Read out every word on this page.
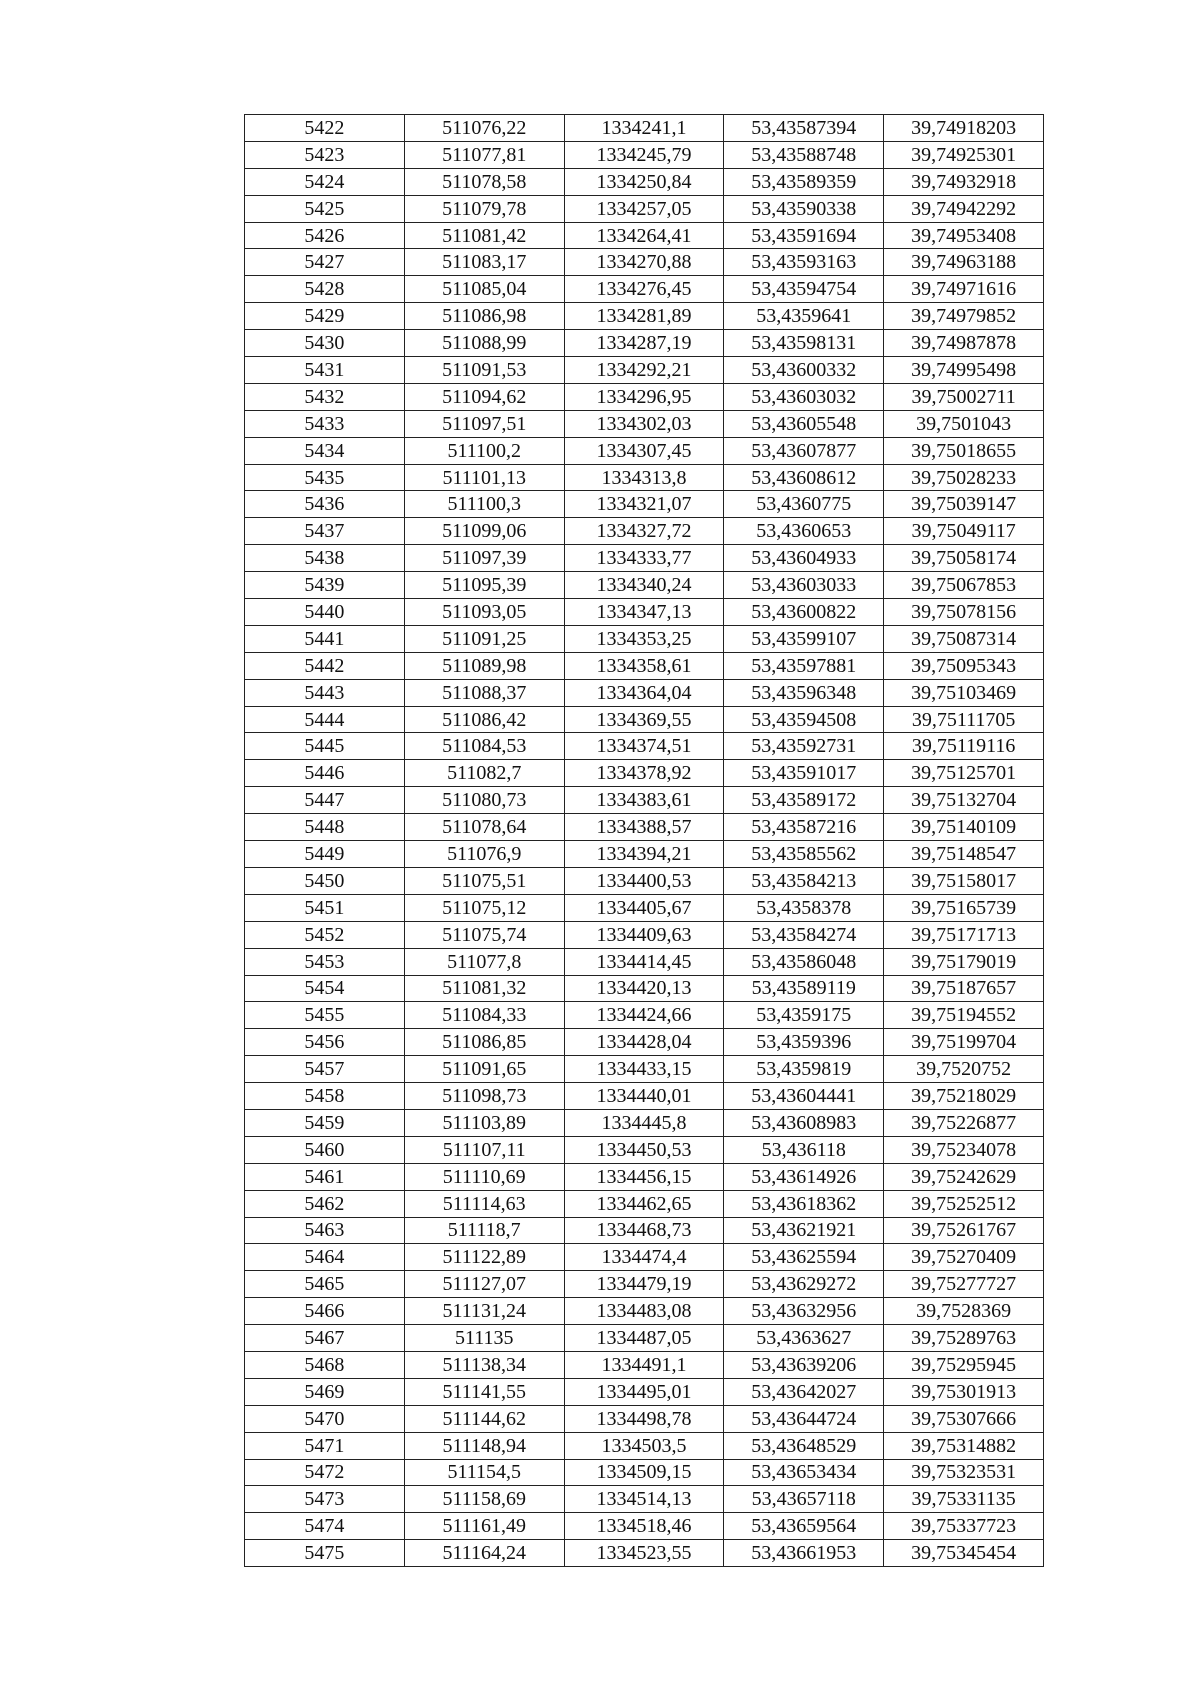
5422	511076,22	1334241,1	53,43587394	39,74918203
5423	511077,81	1334245,79	53,43588748	39,74925301
5424	511078,58	1334250,84	53,43589359	39,74932918
5425	511079,78	1334257,05	53,43590338	39,74942292
5426	511081,42	1334264,41	53,43591694	39,74953408
5427	511083,17	1334270,88	53,43593163	39,74963188
5428	511085,04	1334276,45	53,43594754	39,74971616
5429	511086,98	1334281,89	53,4359641	39,74979852
5430	511088,99	1334287,19	53,43598131	39,74987878
5431	511091,53	1334292,21	53,43600332	39,74995498
5432	511094,62	1334296,95	53,43603032	39,75002711
5433	511097,51	1334302,03	53,43605548	39,7501043
5434	511100,2	1334307,45	53,43607877	39,75018655
5435	511101,13	1334313,8	53,43608612	39,75028233
5436	511100,3	1334321,07	53,4360775	39,75039147
5437	511099,06	1334327,72	53,4360653	39,75049117
5438	511097,39	1334333,77	53,43604933	39,75058174
5439	511095,39	1334340,24	53,43603033	39,75067853
5440	511093,05	1334347,13	53,43600822	39,75078156
5441	511091,25	1334353,25	53,43599107	39,75087314
5442	511089,98	1334358,61	53,43597881	39,75095343
5443	511088,37	1334364,04	53,43596348	39,75103469
5444	511086,42	1334369,55	53,43594508	39,75111705
5445	511084,53	1334374,51	53,43592731	39,75119116
5446	511082,7	1334378,92	53,43591017	39,75125701
5447	511080,73	1334383,61	53,43589172	39,75132704
5448	511078,64	1334388,57	53,43587216	39,75140109
5449	511076,9	1334394,21	53,43585562	39,75148547
5450	511075,51	1334400,53	53,43584213	39,75158017
5451	511075,12	1334405,67	53,4358378	39,75165739
5452	511075,74	1334409,63	53,43584274	39,75171713
5453	511077,8	1334414,45	53,43586048	39,75179019
5454	511081,32	1334420,13	53,43589119	39,75187657
5455	511084,33	1334424,66	53,4359175	39,75194552
5456	511086,85	1334428,04	53,4359396	39,75199704
5457	511091,65	1334433,15	53,4359819	39,7520752
5458	511098,73	1334440,01	53,43604441	39,75218029
5459	511103,89	1334445,8	53,43608983	39,75226877
5460	511107,11	1334450,53	53,436118	39,75234078
5461	511110,69	1334456,15	53,43614926	39,75242629
5462	511114,63	1334462,65	53,43618362	39,75252512
5463	511118,7	1334468,73	53,43621921	39,75261767
5464	511122,89	1334474,4	53,43625594	39,75270409
5465	511127,07	1334479,19	53,43629272	39,75277727
5466	511131,24	1334483,08	53,43632956	39,7528369
5467	511135	1334487,05	53,4363627	39,75289763
5468	511138,34	1334491,1	53,43639206	39,75295945
5469	511141,55	1334495,01	53,43642027	39,75301913
5470	511144,62	1334498,78	53,43644724	39,75307666
5471	511148,94	1334503,5	53,43648529	39,75314882
5472	511154,5	1334509,15	53,43653434	39,75323531
5473	511158,69	1334514,13	53,43657118	39,75331135
5474	511161,49	1334518,46	53,43659564	39,75337723
5475	511164,24	1334523,55	53,43661953	39,75345454
